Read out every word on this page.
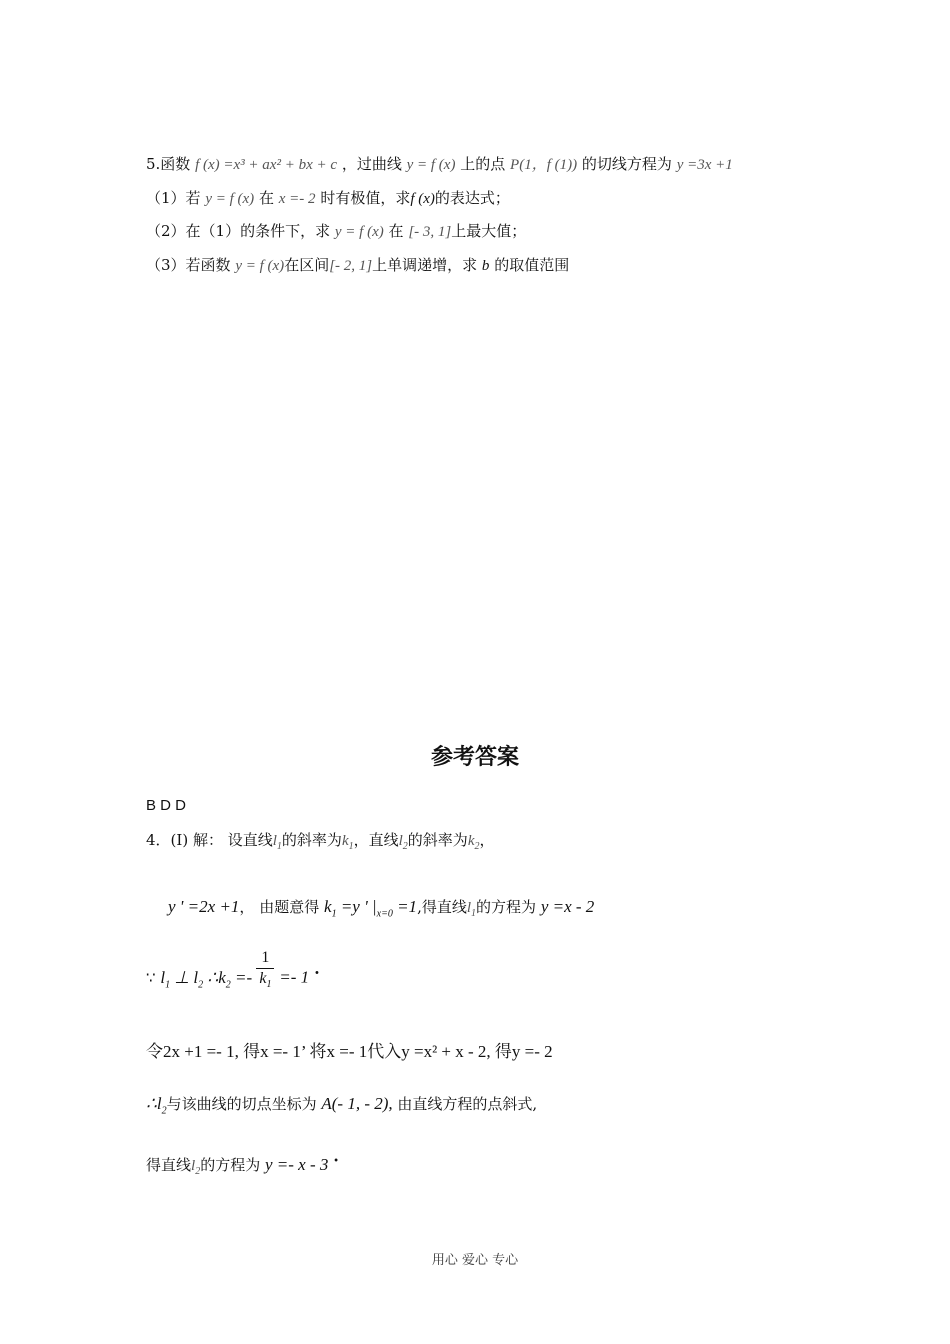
5.函数 f (x) =x³ + ax² + bx + c ，过曲线 y = f (x) 上的点 P(1，f (1)) 的切线方程为 y =3x +1
（1）若 y = f (x) 在 x =- 2 时有极值，求f (x)的表达式；
（2）在（1）的条件下，求 y = f (x) 在 [- 3, 1]上最大值；
（3）若函数 y = f (x)在区间[- 2, 1]上单调递增，求 b 的取值范围
参考答案
B D D
4．(I) 解： 设直线$l_1$的斜率为$k_1$，直线$l_2$的斜率为$k_2$，
y ' =2x +1， 由题意得 $k_1 =y$ ' $|_{x=0} =1$,得直线$l_1$的方程为 y =x - 2
∵ $l_1$ ⊥ $l_2$ $\therefore k_2 =- \frac{1}{k_1} =- 1$ •
令2x +1 =- 1, 得x =- 1’ 将x =- 1代入y =x² + x - 2, 得y =- 2
$\therefore l_2$与该曲线的切点坐标为 A(- 1, - 2), 由直线方程的点斜式,
得直线$l_2$的方程为 y =- x - 3 •
用心 爱心 专心
